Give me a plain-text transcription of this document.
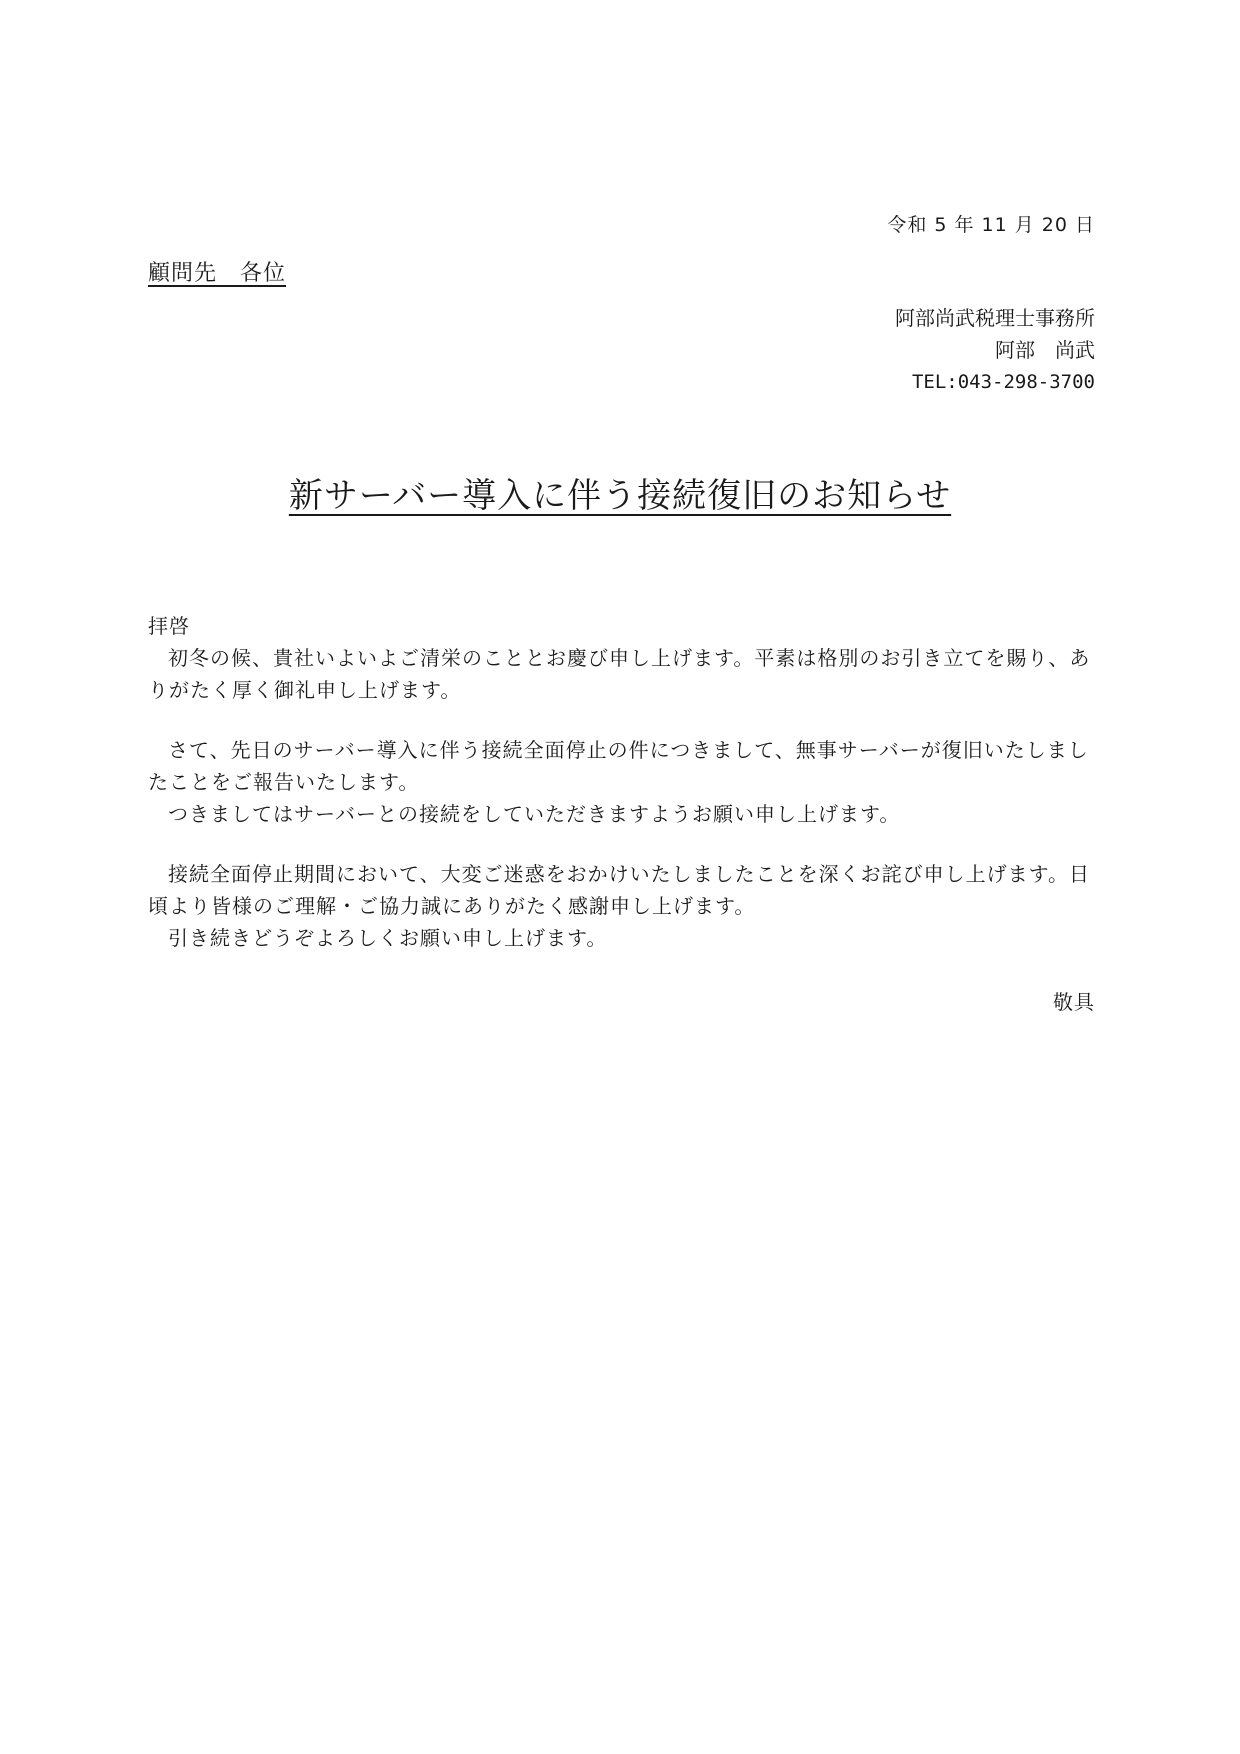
令和 5 年 11 月 20 日
顧問先　各位
阿部尚武税理士事務所
阿部　尚武
TEL:043-298-3700
新サーバー導入に伴う接続復旧のお知らせ

拝啓

初冬の候、貴社いよいよご清栄のこととお慶び申し上げます。平素は格別のお引き立てを賜り、ありがたく厚く御礼申し上げます。

さて、先日のサーバー導入に伴う接続全面停止の件につきまして、無事サーバーが復旧いたしましたことをご報告いたします。

つきましてはサーバーとの接続をしていただきますようお願い申し上げます。

接続全面停止期間において、大変ご迷惑をおかけいたしましたことを深くお詫び申し上げます。日頃より皆様のご理解・ご協力誠にありがたく感謝申し上げます。

引き続きどうぞよろしくお願い申し上げます。

敬具
